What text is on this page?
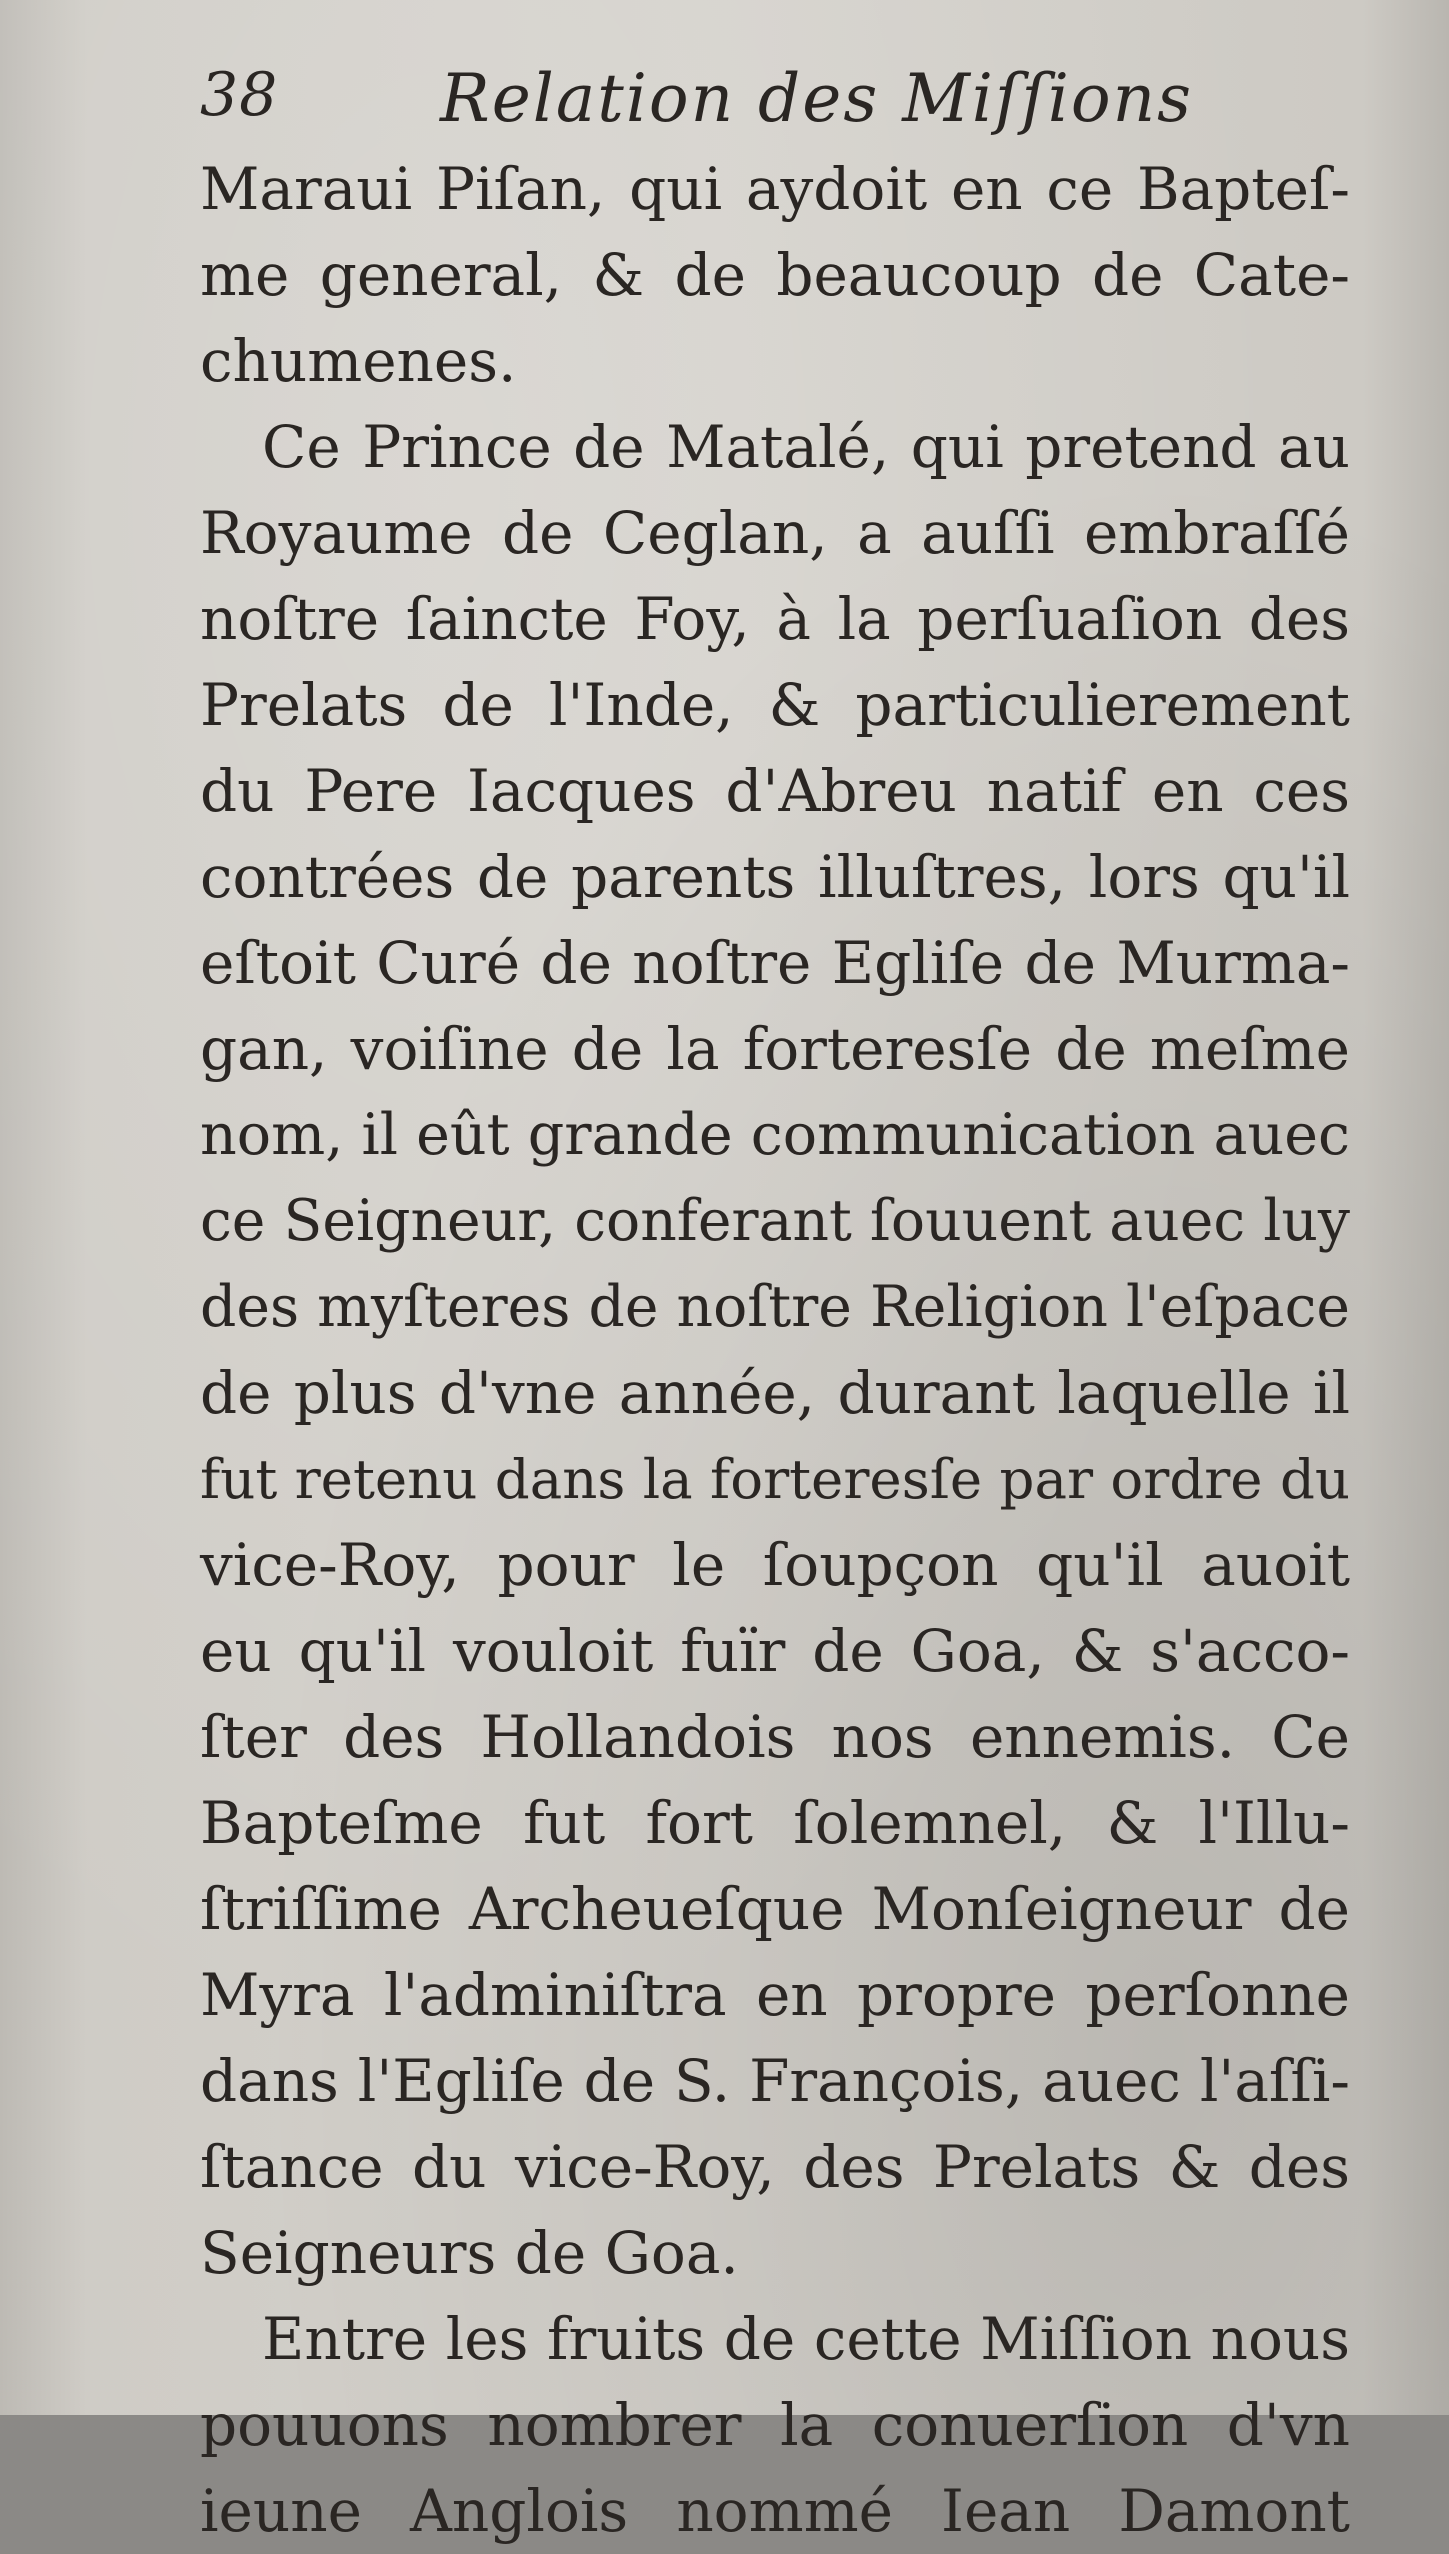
38 Relation des Miſſions
Maraui Piſan, qui aydoit en ce Bapteſ-
me general, & de beaucoup de Cate-
chumenes.
Ce Prince de Matalé, qui pretend au
Royaume de Ceglan, a auſſi embraſſé
noſtre ſaincte Foy, à la perſuaſion des
Prelats de l'Inde, & particulierement
du Pere Iacques d'Abreu natif en ces
contrées de parents illuſtres, lors qu'il
eſtoit Curé de noſtre Egliſe de Murma-
gan, voiſine de la forteresſe de meſme
nom, il eût grande communication auec
ce Seigneur, conferant ſouuent auec luy
des myſteres de noſtre Religion l'eſpace
de plus d'vne année, durant laquelle il
fut retenu dans la forteresſe par ordre du
vice-Roy, pour le ſoupçon qu'il auoit
eu qu'il vouloit fuïr de Goa, & s'acco-
ſter des Hollandois nos ennemis. Ce
Bapteſme fut fort ſolemnel, & l'Illu-
ſtriſſime Archeueſque Monſeigneur de
Myra l'adminiſtra en propre perſonne
dans l'Egliſe de S. François, auec l'aſſi-
ſtance du vice-Roy, des Prelats & des
Seigneurs de Goa.
Entre les fruits de cette Miſſion nous
pouuons nombrer la conuerſion d'vn
ieune Anglois nommé Iean Damont
